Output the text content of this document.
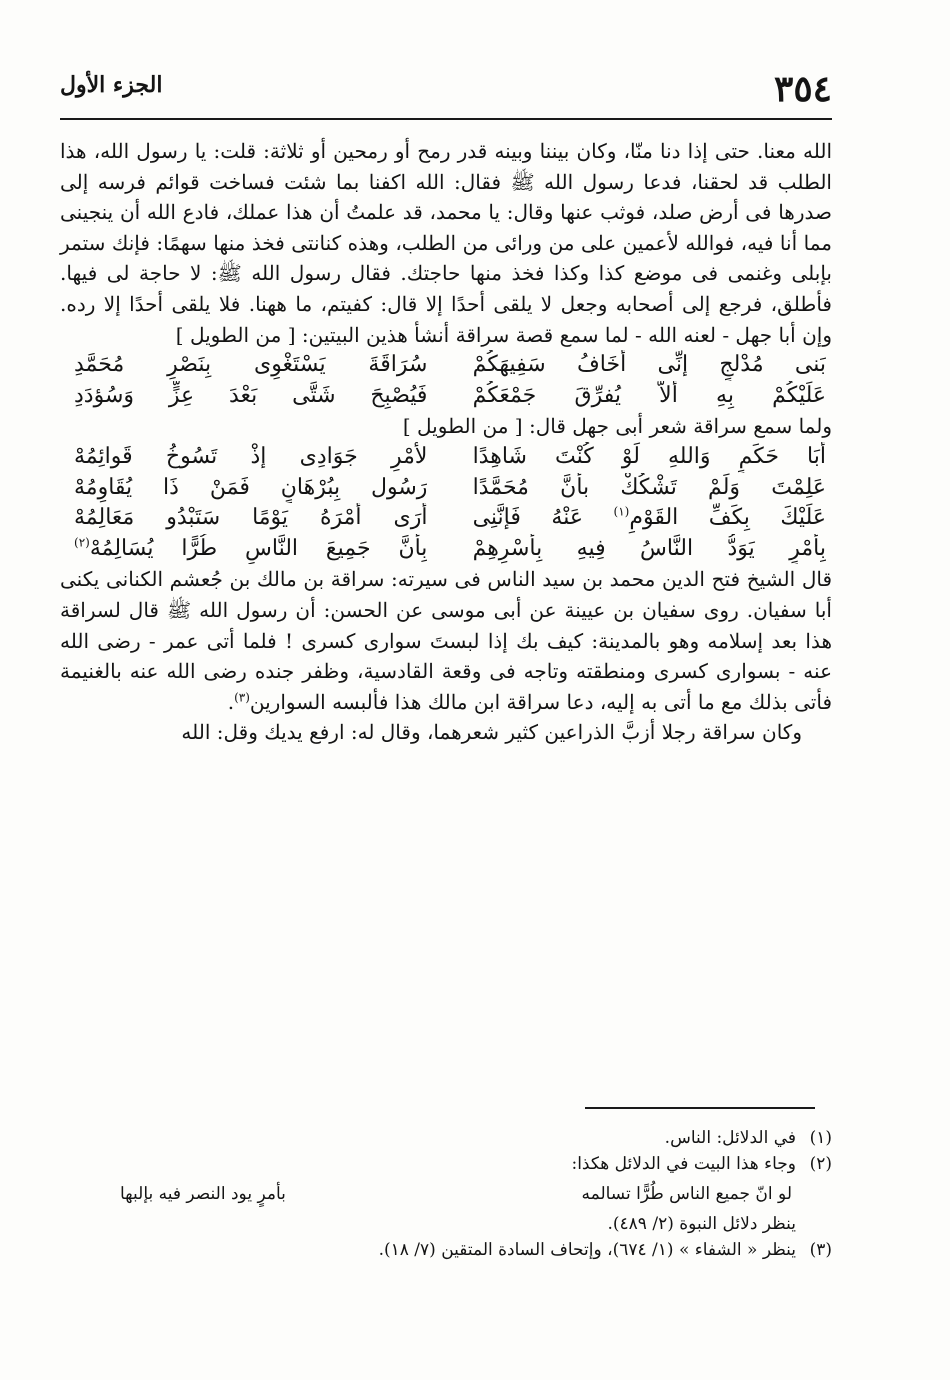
٣٥٤
الجزء الأول

الله معنا. حتى إذا دنا منّا، وكان بيننا وبينه قدر رمح أو رمحين أو ثلاثة: قلت: يا رسول الله، هذا الطلب قد لحقنا، فدعا رسول الله ﷺ فقال: الله اكفنا بما شئت فساخت قوائم فرسه إلى صدرها فى أرض صلد، فوثب عنها وقال: يا محمد، قد علمتُ أن هذا عملك، فادع الله أن ينجينى مما أنا فيه، فوالله لأعمين على من ورائى من الطلب، وهذه كنانتى فخذ منها سهمًا: فإنك ستمر بإبلى وغنمى فى موضع كذا وكذا فخذ منها حاجتك. فقال رسول الله ﷺ: لا حاجة لى فيها. فأطلق، فرجع إلى أصحابه وجعل لا يلقى أحدًا إلا قال: كفيتم، ما ههنا. فلا يلقى أحدًا إلا رده. وإن أبا جهل - لعنه الله - لما سمع قصة سراقة أنشأ هذين البيتين: [ من الطويل ]

بَنى مُدْلجٍ إنِّى أخَافُ سَفِيهَكُمْ
سُرَاقَةَ يَسْتَغْوِى بِنَصْرِ مُحَمَّدِ
عَلَيْكُمْ بِهِ ألاَّ يُفرِّقَ جَمْعَكُمْ
فَيُصْبِحَ شَتَّى بَعْدَ عِزٍّ وَسُؤدَدِ

ولما سمع سراقة شعر أبى جهل قال: [ من الطويل ]

أَبَا حَكَمٍ وَاللهِ لَوْ كُنْتَ شَاهِدًا
لأَمْرِ جَوَادِى إذْ تَسُوخُ قَوائِمُهْ
عَلِمْتَ وَلَمْ تَشْكُكْ بأَنَّ مُحَمَّدًا
رَسُول بِبُرْهَانٍ فَمَنْ ذَا يُقَاوِمُهْ
عَلَيْكَ بِكَفِّ القَوْمِ$^{(١)}$ عَنْهُ فَإنَّنِى
أرَى أمْرَهُ يَوْمًا سَتَبْدُو مَعَالِمُهْ
بِأمْرٍ يَوَدُّ النَّاسُ فِيهِ بِأسْرِهِمْ
بِأنَّ جَمِيعَ النَّاسِ طُرًّا يُسَالِمُهْ$^{(٢)}$

قال الشيخ فتح الدين محمد بن سيد الناس فى سيرته: سراقة بن مالك بن جُعشم الكنانى يكنى أبا سفيان. روى سفيان بن عيينة عن أبى موسى عن الحسن: أن رسول الله ﷺ قال لسراقة هذا بعد إسلامه وهو بالمدينة: كيف بك إذا لبستَ سوارى كسرى ! فلما أتى عمر - رضى الله عنه - بسوارى كسرى ومنطقته وتاجه فى وقعة القادسية، وظفر جنده رضى الله عنه بالغنيمة فأتى بذلك مع ما أتى به إليه، دعا سراقة ابن مالك هذا فألبسه السوارين$^{(٣)}$.

وكان سراقة رجلا أزبَّ الذراعين كثير شعرهما، وقال له: ارفع يديك وقل: الله

(١)في الدلائل: الناس.

(٢)وجاء هذا البيت في الدلائل هكذا:
لو انّ جميع الناس طُرًّا تسالمه
بأمرٍ يود النصر فيه بإلبها
ينظر دلائل النبوة (٢/ ٤٨٩).

(٣)ينظر « الشفاء » (١/ ٦٧٤)، وإتحاف السادة المتقين (٧/ ١٨).
